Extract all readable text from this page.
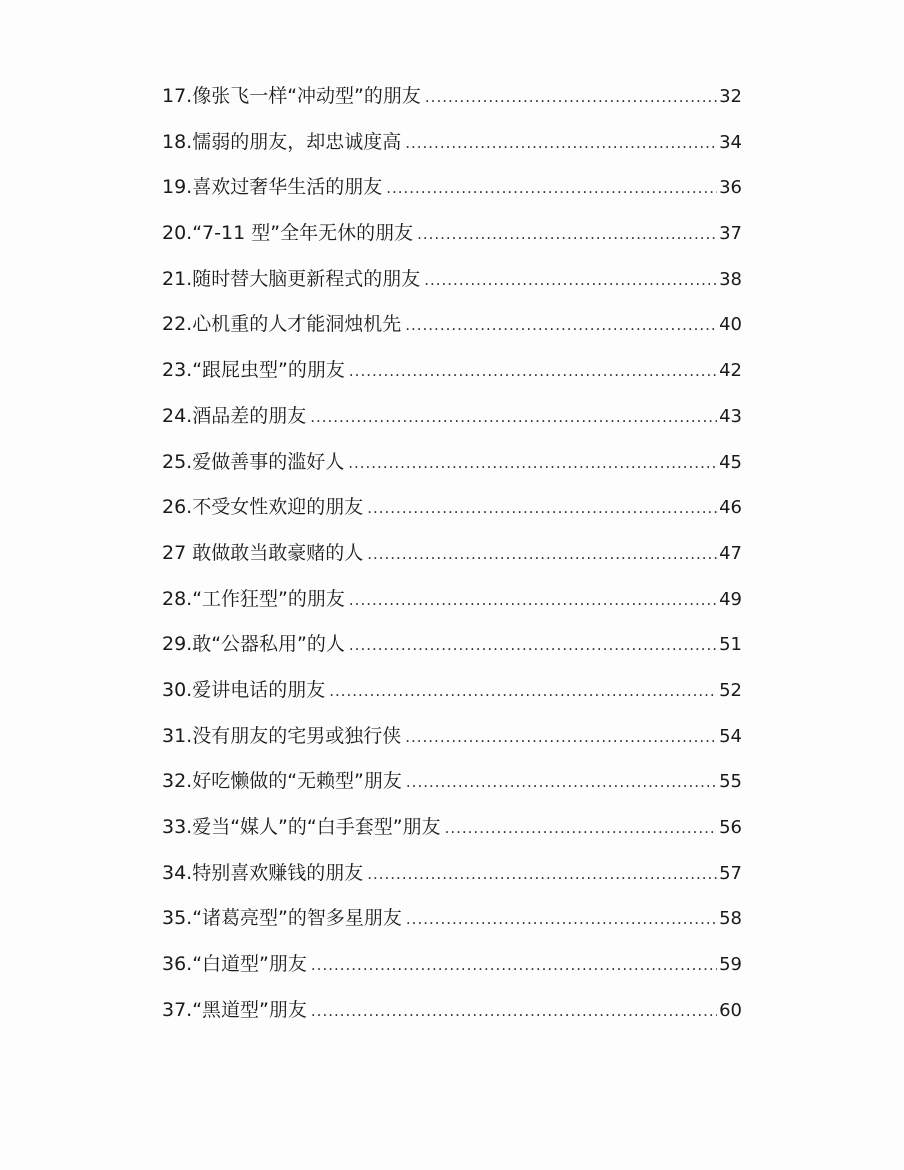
17.像张飞一样“冲动型”的朋友 .....	32
18.懦弱的朋友，却忠诚度高 .....	34
19.喜欢过奢华生活的朋友 .....	36
20.“7-11 型”全年无休的朋友 .....	37
21.随时替大脑更新程式的朋友 .....	38
22.心机重的人才能洞烛机先 .....	40
23.“跟屁虫型”的朋友 .....	42
24.酒品差的朋友 .....	43
25.爱做善事的滥好人 .....	45
26.不受女性欢迎的朋友 .....	46
27 敢做敢当敢豪赌的人 .....	47
28.“工作狂型”的朋友 .....	49
29.敢“公器私用”的人 .....	51
30.爱讲电话的朋友 .....	52
31.没有朋友的宅男或独行侠 .....	54
32.好吃懒做的“无赖型”朋友 .....	55
33.爱当“媒人”的“白手套型”朋友 .....	56
34.特别喜欢赚钱的朋友 .....	57
35.“诸葛亮型”的智多星朋友 .....	58
36.“白道型”朋友 .....	59
37.“黑道型”朋友 .....	60
